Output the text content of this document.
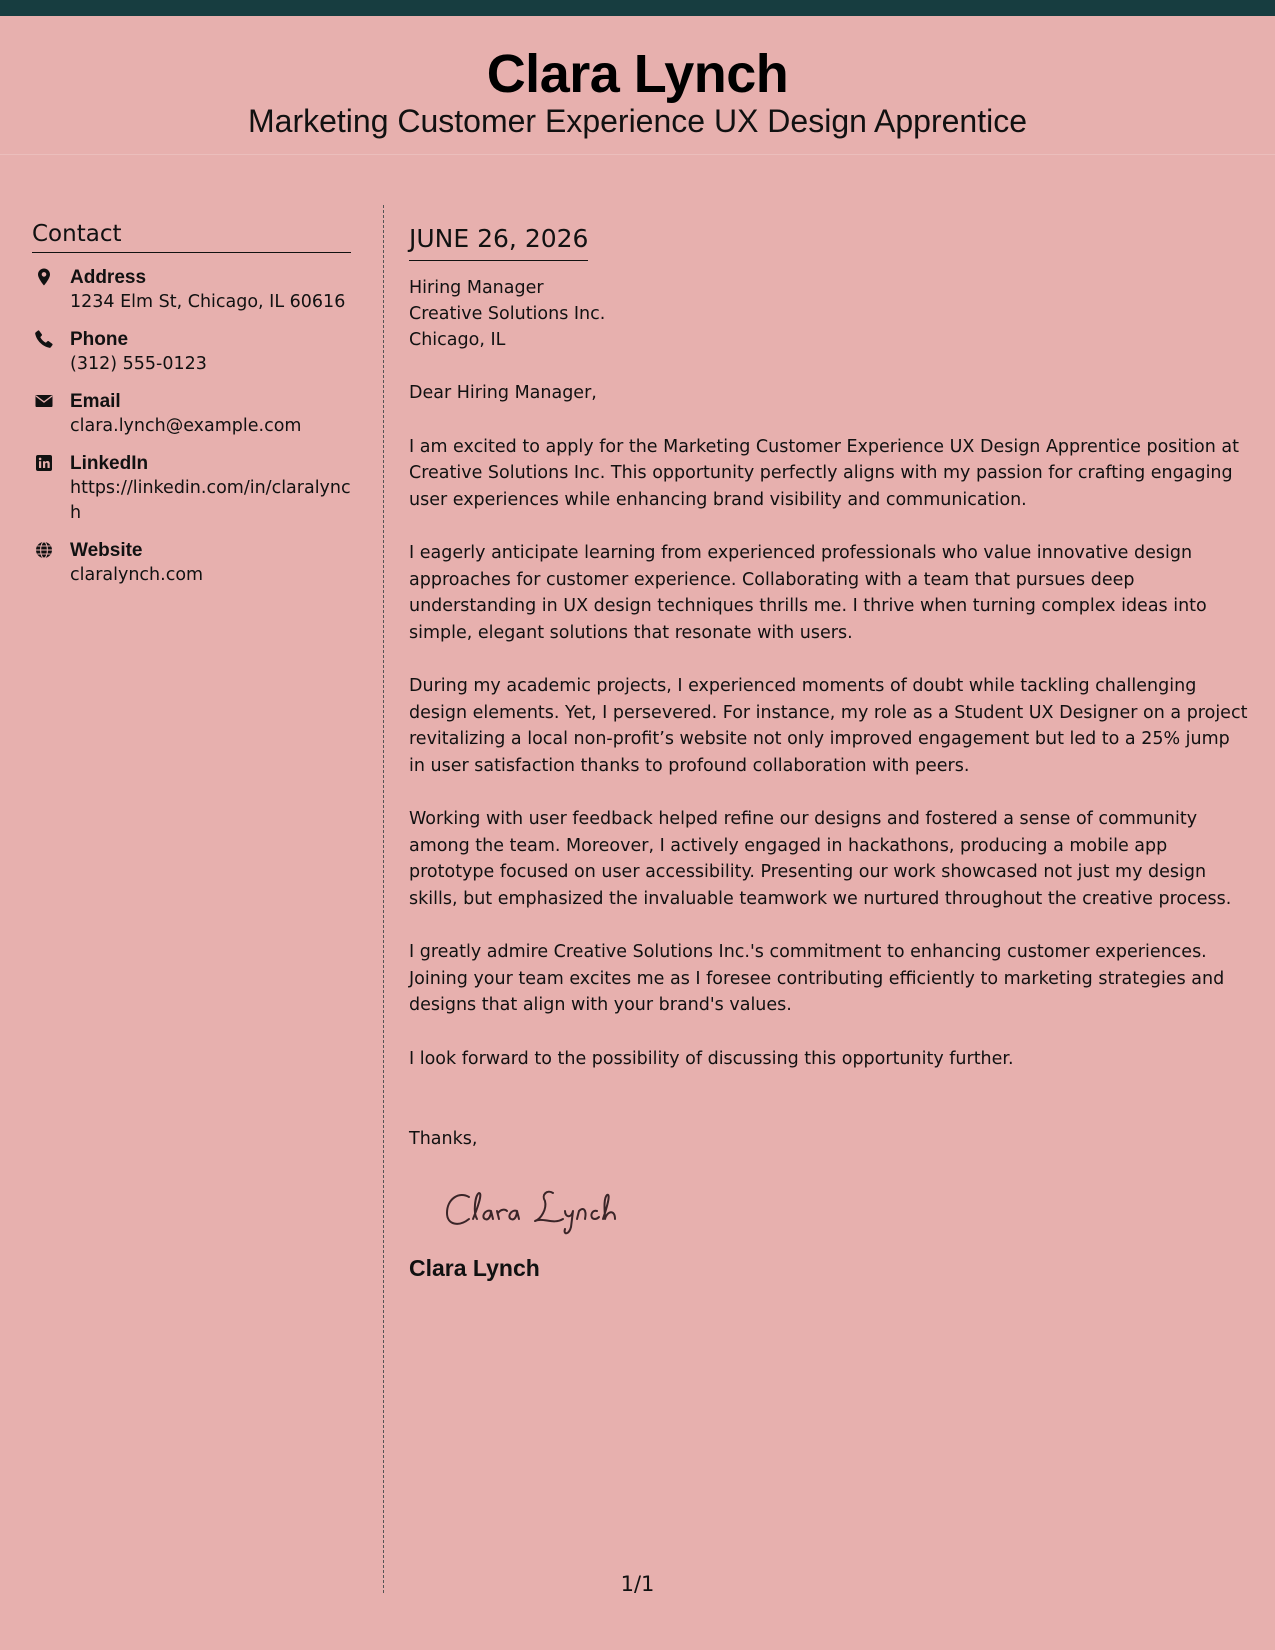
Clara Lynch
Marketing Customer Experience UX Design Apprentice
Contact
Address
1234 Elm St, Chicago, IL 60616
Phone
(312) 555-0123
Email
clara.lynch@example.com
LinkedIn
https://linkedin.com/in/claralynch
Website
claralynch.com
JUNE 26, 2026
Hiring Manager
Creative Solutions Inc.
Chicago, IL
Dear Hiring Manager,
I am excited to apply for the Marketing Customer Experience UX Design Apprentice position at Creative Solutions Inc. This opportunity perfectly aligns with my passion for crafting engaging user experiences while enhancing brand visibility and communication.
I eagerly anticipate learning from experienced professionals who value innovative design approaches for customer experience. Collaborating with a team that pursues deep understanding in UX design techniques thrills me. I thrive when turning complex ideas into simple, elegant solutions that resonate with users.
During my academic projects, I experienced moments of doubt while tackling challenging design elements. Yet, I persevered. For instance, my role as a Student UX Designer on a project revitalizing a local non-profit’s website not only improved engagement but led to a 25% jump in user satisfaction thanks to profound collaboration with peers.
Working with user feedback helped refine our designs and fostered a sense of community among the team. Moreover, I actively engaged in hackathons, producing a mobile app prototype focused on user accessibility. Presenting our work showcased not just my design skills, but emphasized the invaluable teamwork we nurtured throughout the creative process.
I greatly admire Creative Solutions Inc.'s commitment to enhancing customer experiences. Joining your team excites me as I foresee contributing efficiently to marketing strategies and designs that align with your brand's values.
I look forward to the possibility of discussing this opportunity further.
Thanks,
Clara Lynch
1/1
